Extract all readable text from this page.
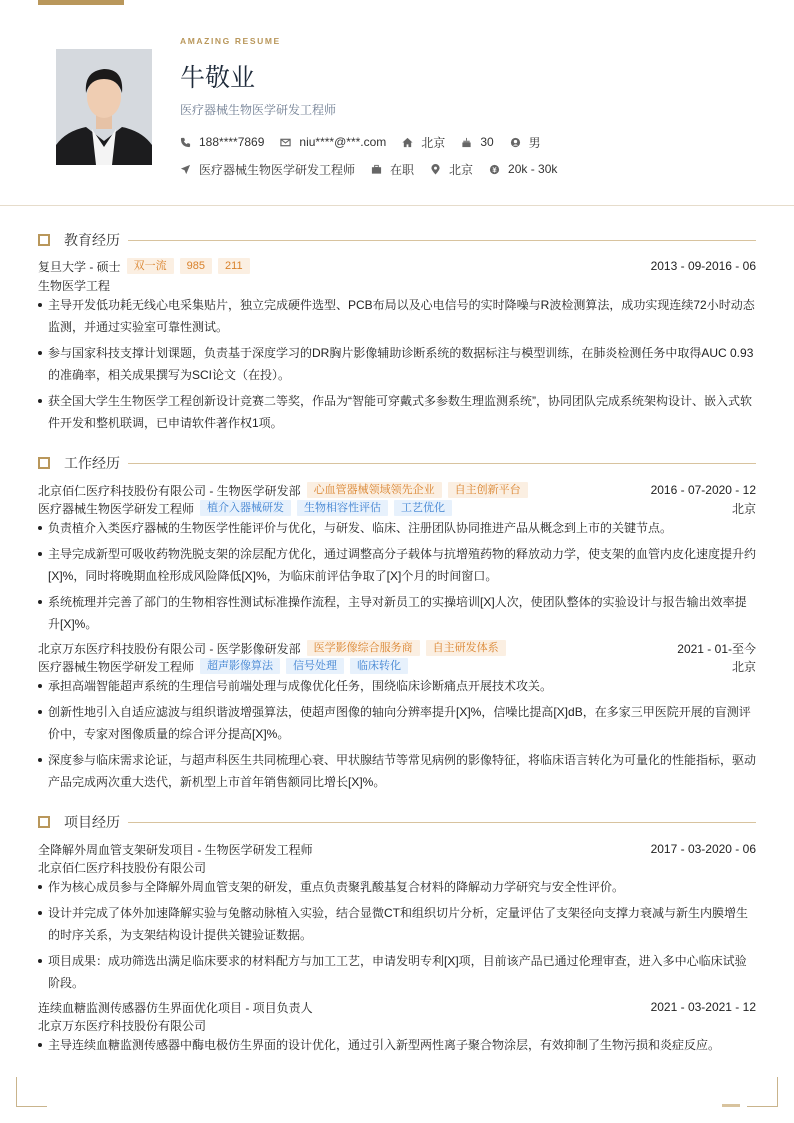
AMAZING RESUME
牛敬业
医疗器械生物医学研发工程师
188****7869	niu****@***.com	北京	30	男
医疗器械生物医学研发工程师	在职	北京	20k - 30k
教育经历
复旦大学 - 硕士	双一流	985	211	2013 - 09-2016 - 06
生物医学工程
主导开发低功耗无线心电采集贴片，独立完成硬件选型、PCB布局以及心电信号的实时降噪与R波检测算法，成功实现连续72小时动态监测，并通过实验室可靠性测试。
参与国家科技支撑计划课题，负责基于深度学习的DR胸片影像辅助诊断系统的数据标注与模型训练，在肺炎检测任务中取得AUC 0.93的准确率，相关成果撰写为SCI论文（在投）。
获全国大学生生物医学工程创新设计竞赛二等奖，作品为“智能可穿戴式多参数生理监测系统”，协同团队完成系统架构设计、嵌入式软件开发和整机联调，已申请软件著作权1项。
工作经历
北京佰仁医疗科技股份有限公司 - 生物医学研发部	心血管器械领域领先企业	自主创新平台	2016 - 07-2020 - 12
医疗器械生物医学研发工程师	植介入器械研发	生物相容性评估	工艺优化	北京
负责植介入类医疗器械的生物医学性能评价与优化，与研发、临床、注册团队协同推进产品从概念到上市的关键节点。
主导完成新型可吸收药物洗脱支架的涂层配方优化，通过调整高分子载体与抗增殖药物的释放动力学，使支架的血管内皮化速度提升约[X]%，同时将晚期血栓形成风险降低[X]%，为临床前评估争取了[X]个月的时间窗口。
系统梳理并完善了部门的生物相容性测试标准操作流程，主导对新员工的实操培训[X]人次，使团队整体的实验设计与报告输出效率提升[X]%。
北京万东医疗科技股份有限公司 - 医学影像研发部	医学影像综合服务商	自主研发体系	2021 - 01-至今
医疗器械生物医学研发工程师	超声影像算法	信号处理	临床转化	北京
承担高端智能超声系统的生理信号前端处理与成像优化任务，围绕临床诊断痛点开展技术攻关。
创新性地引入自适应滤波与组织谐波增强算法，使超声图像的轴向分辨率提升[X]%，信噪比提高[X]dB，在多家三甲医院开展的盲测评价中，专家对图像质量的综合评分提高[X]%。
深度参与临床需求论证，与超声科医生共同梳理心衰、甲状腺结节等常见病例的影像特征，将临床语言转化为可量化的性能指标，驱动产品完成两次重大迭代，新机型上市首年销售额同比增长[X]%。
项目经历
全降解外周血管支架研发项目 - 生物医学研发工程师	2017 - 03-2020 - 06
北京佰仁医疗科技股份有限公司
作为核心成员参与全降解外周血管支架的研发，重点负责聚乳酸基复合材料的降解动力学研究与安全性评价。
设计并完成了体外加速降解实验与兔髂动脉植入实验，结合显微CT和组织切片分析，定量评估了支架径向支撑力衰减与新生内膜增生的时序关系，为支架结构设计提供关键验证数据。
项目成果：成功筛选出满足临床要求的材料配方与加工工艺，申请发明专利[X]项，目前该产品已通过伦理审查，进入多中心临床试验阶段。
连续血糖监测传感器仿生界面优化项目 - 项目负责人	2021 - 03-2021 - 12
北京万东医疗科技股份有限公司
主导连续血糖监测传感器中酶电极仿生界面的设计优化，通过引入新型两性离子聚合物涂层，有效抑制了生物污损和炎症反应。
